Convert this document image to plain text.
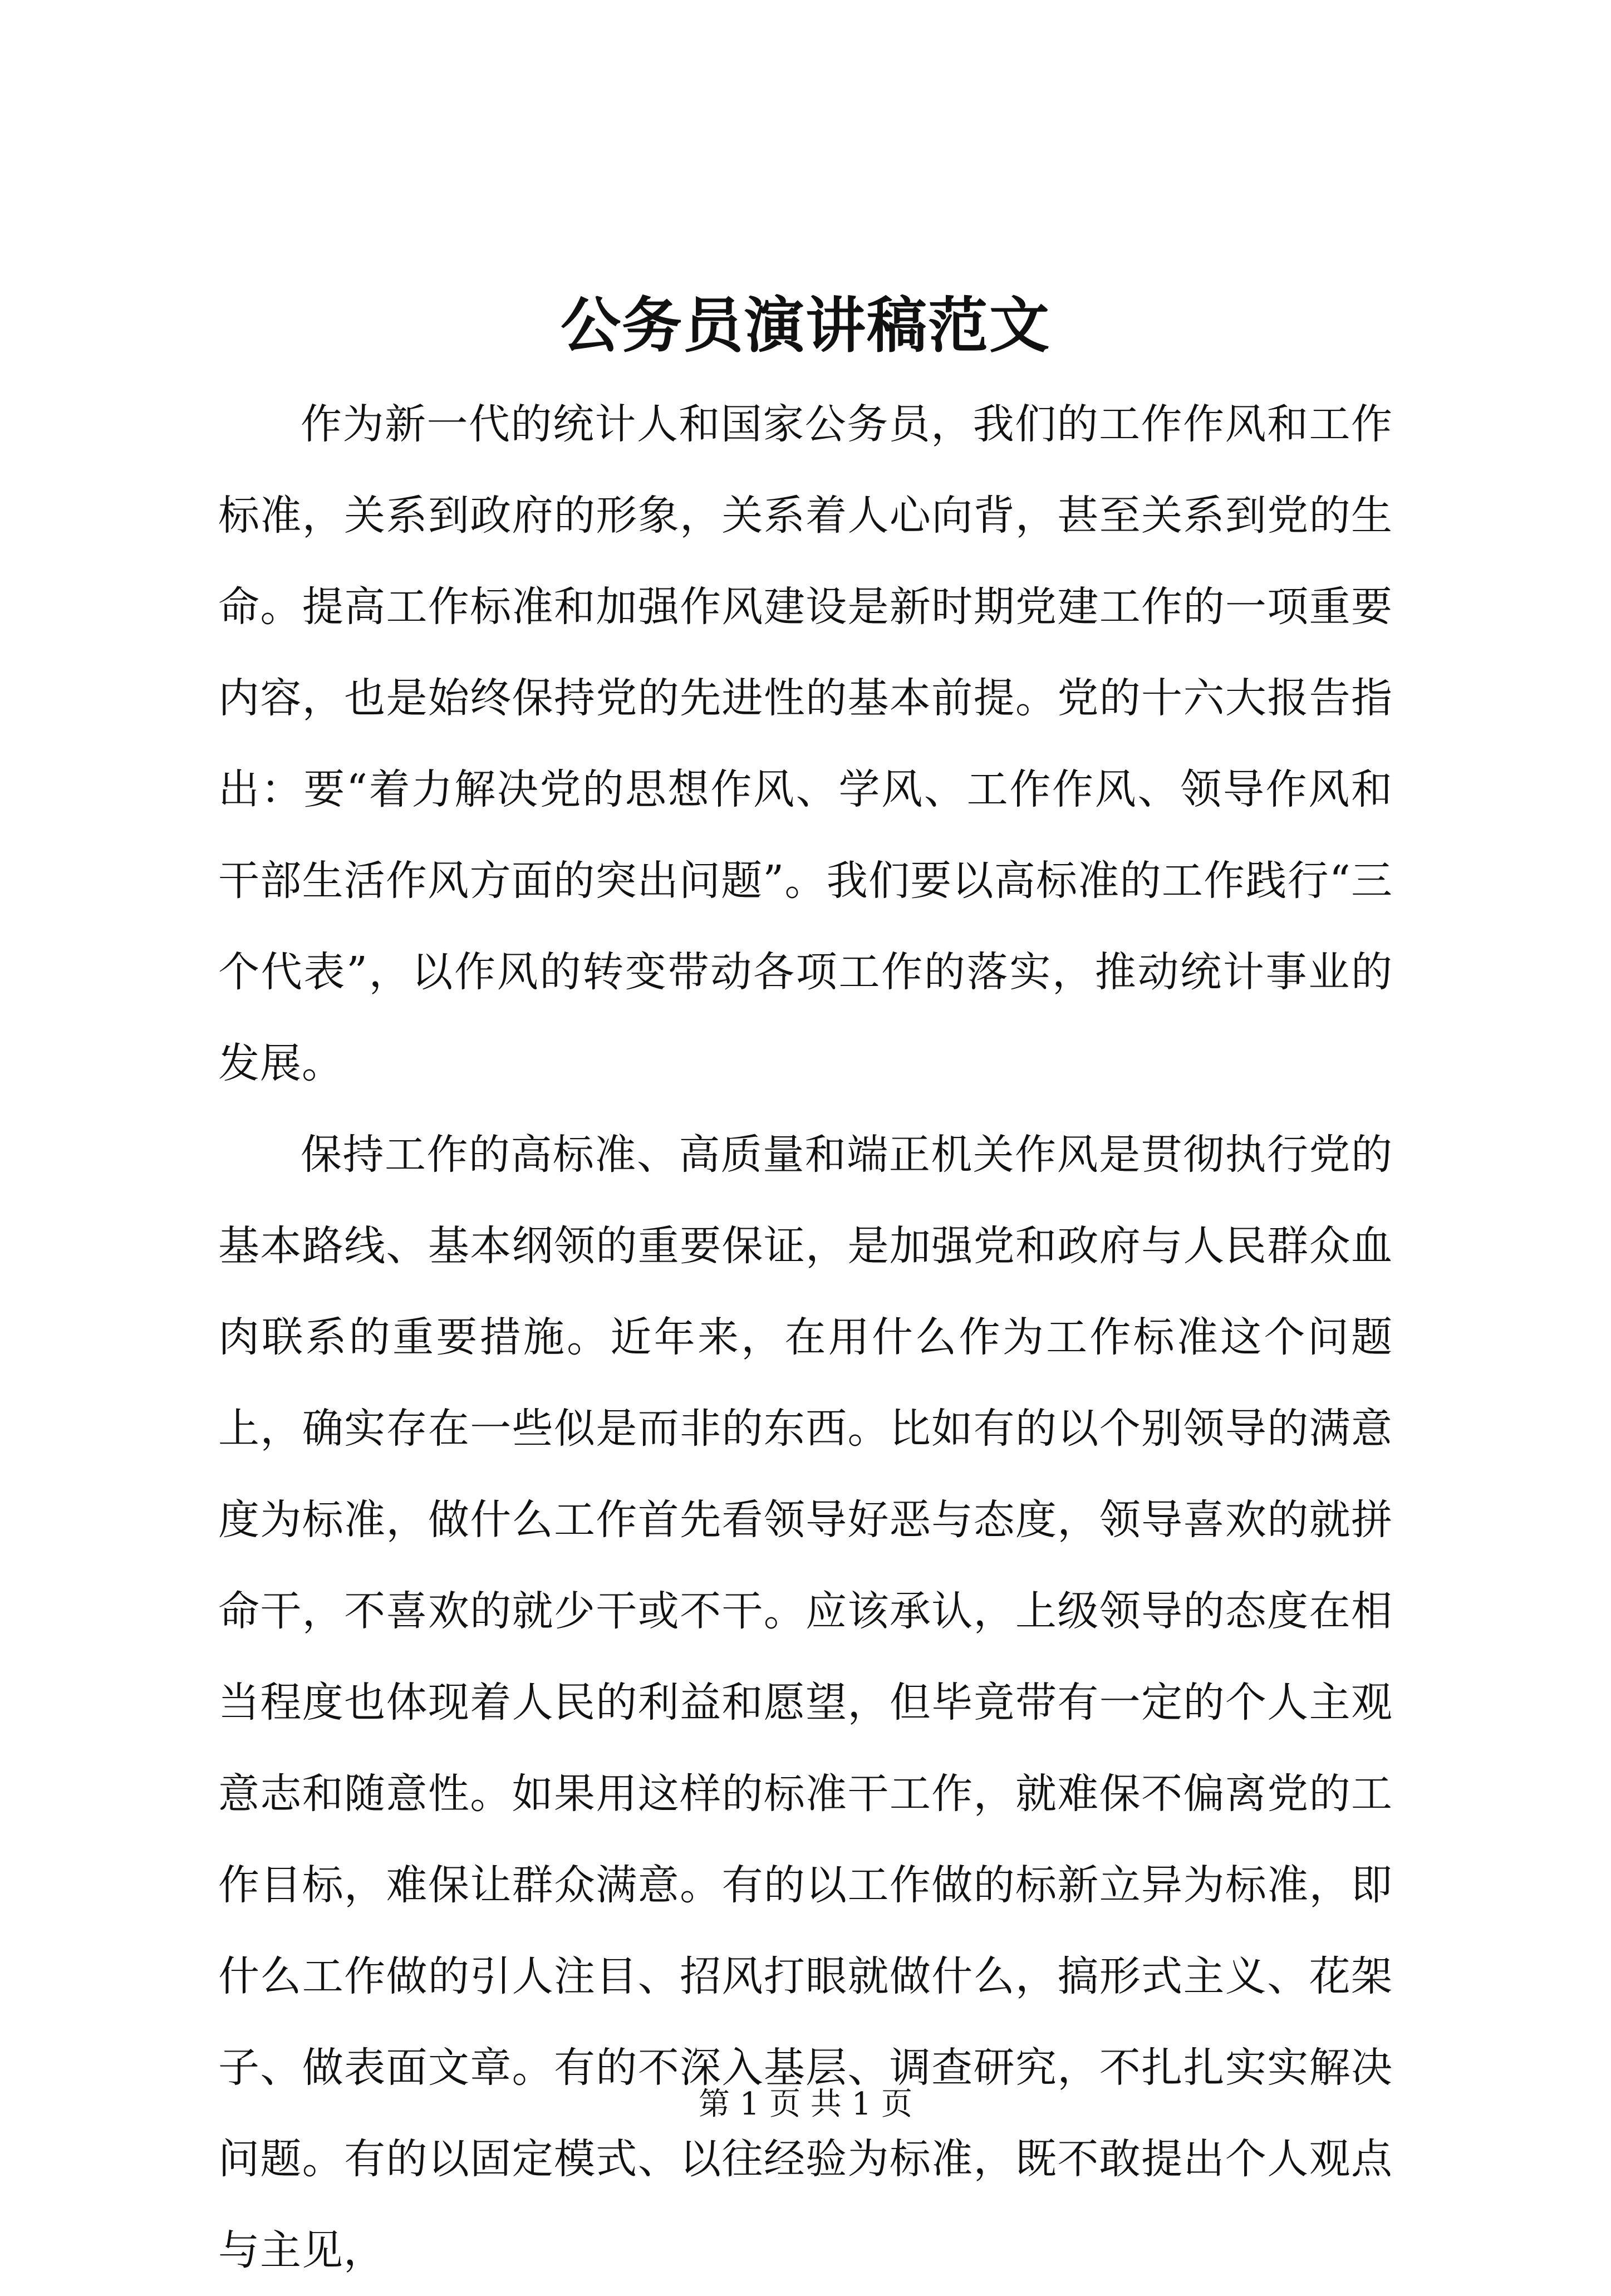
公务员演讲稿范文

作为新一代的统计人和国家公务员，我们的工作作风和工作标准，关系到政府的形象，关系着人心向背，甚至关系到党的生命。提高工作标准和加强作风建设是新时期党建工作的一项重要内容，也是始终保持党的先进性的基本前提。党的十六大报告指出：要“着力解决党的思想作风、学风、工作作风、领导作风和干部生活作风方面的突出问题”。我们要以高标准的工作践行“三个代表”，以作风的转变带动各项工作的落实，推动统计事业的发展。

保持工作的高标准、高质量和端正机关作风是贯彻执行党的基本路线、基本纲领的重要保证，是加强党和政府与人民群众血肉联系的重要措施。近年来，在用什么作为工作标准这个问题上，确实存在一些似是而非的东西。比如有的以个别领导的满意度为标准，做什么工作首先看领导好恶与态度，领导喜欢的就拼命干，不喜欢的就少干或不干。应该承认，上级领导的态度在相当程度也体现着人民的利益和愿望，但毕竟带有一定的个人主观意志和随意性。如果用这样的标准干工作，就难保不偏离党的工作目标，难保让群众满意。有的以工作做的标新立异为标准，即什么工作做的引人注目、招风打眼就做什么，搞形式主义、花架子、做表面文章。有的不深入基层、调查研究，不扎扎实实解决问题。有的以固定模式、以往经验为标准，既不敢提出个人观点与主见，

第 1 页 共 1 页
